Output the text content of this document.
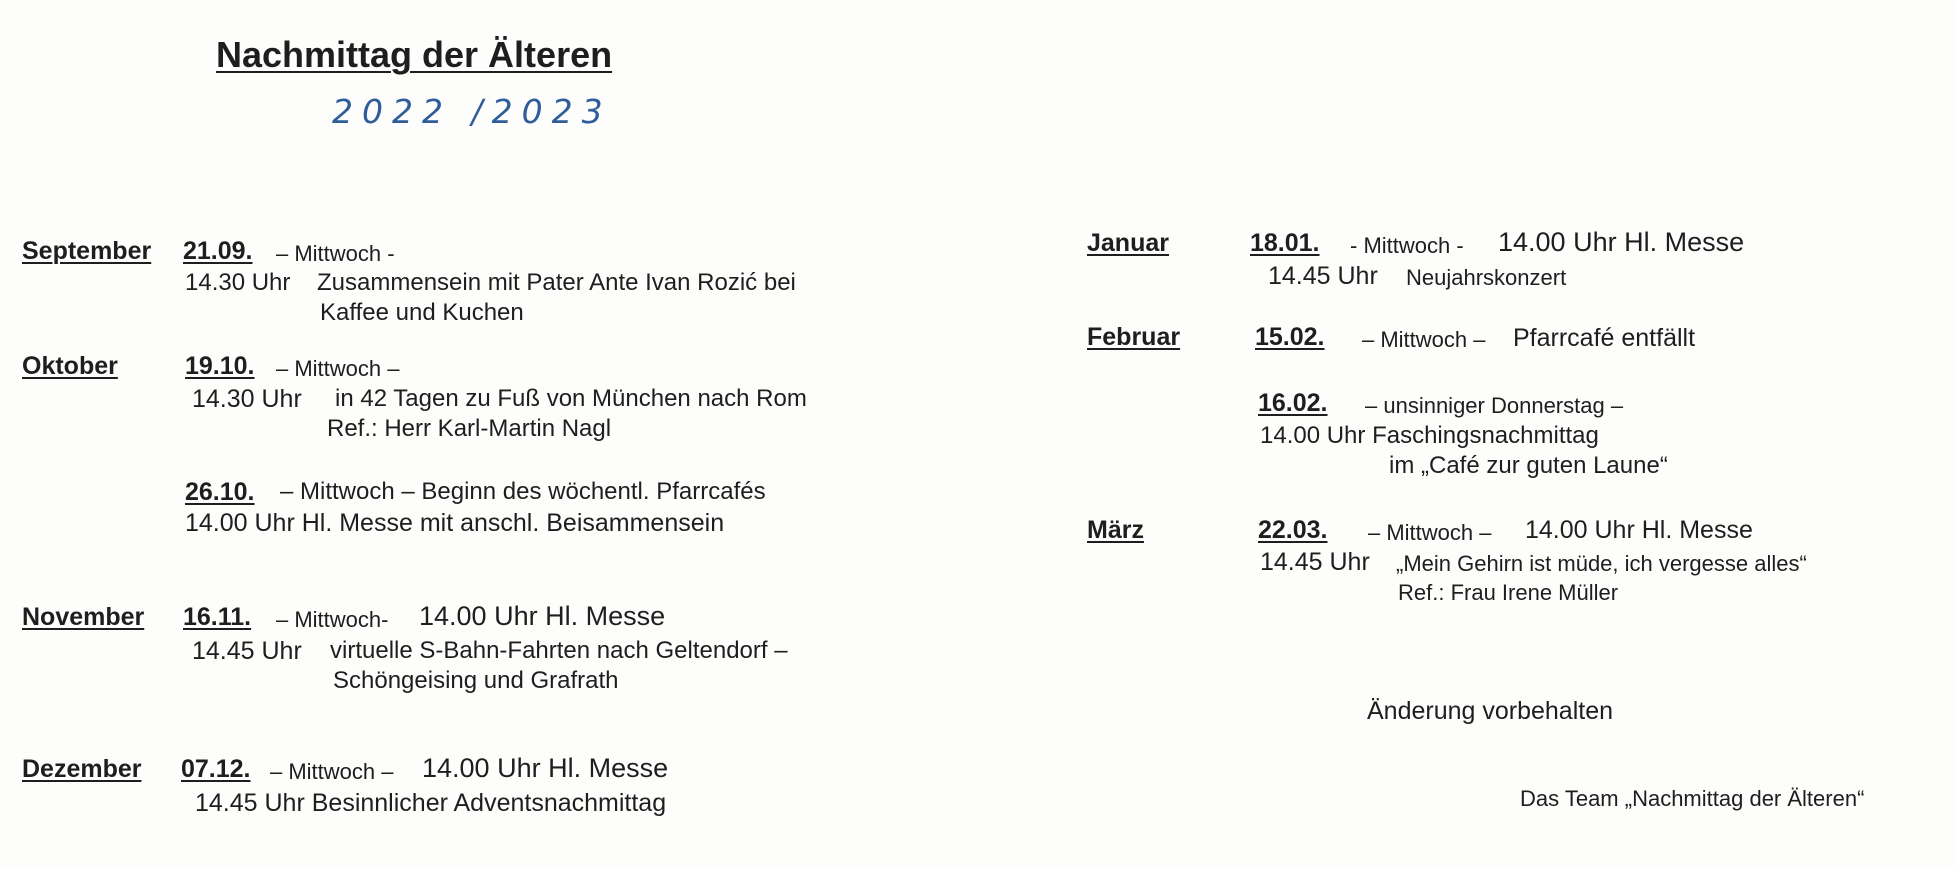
Nachmittag der Älteren
2022 /2023
September 21.09. – Mittwoch -
14.30 Uhr Zusammensein mit Pater Ante Ivan Rozić bei
Kaffee und Kuchen
Oktober	19.10. – Mittwoch –
14.30 Uhr in 42 Tagen zu Fuß von München nach Rom
Ref.: Herr Karl-Martin Nagl
26.10. – Mittwoch – Beginn des wöchentl. Pfarrcafés
14.00 Uhr Hl. Messe mit anschl. Beisammensein
November 16.11. – Mittwoch- 14.00 Uhr Hl. Messe
14.45 Uhr virtuelle S-Bahn-Fahrten nach Geltendorf –
Schöngeising und Grafrath
Dezember 07.12. – Mittwoch – 14.00 Uhr Hl. Messe
14.45 Uhr Besinnlicher Adventsnachmittag
Januar	18.01. - Mittwoch - 14.00 Uhr Hl. Messe
14.45 Uhr Neujahrskonzert
Februar	15.02. – Mittwoch – Pfarrcafé entfällt
16.02. – unsinniger Donnerstag –
14.00 Uhr Faschingsnachmittag
im „Café zur guten Laune“
März	22.03. – Mittwoch – 14.00 Uhr Hl. Messe
14.45 Uhr „Mein Gehirn ist müde, ich vergesse alles“
Ref.: Frau Irene Müller
Änderung vorbehalten
Das Team „Nachmittag der Älteren“
